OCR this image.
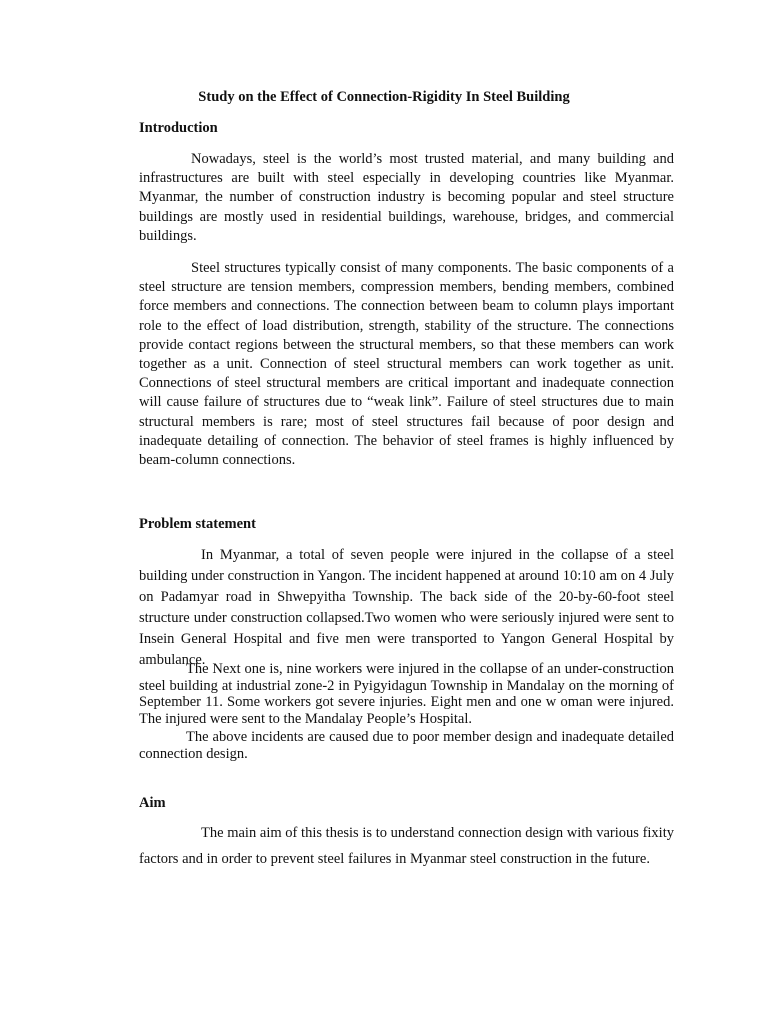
Study on the Effect of Connection-Rigidity In Steel Building
Introduction

Nowadays, steel is the world’s most trusted material, and many building and infrastructures are built with steel especially in developing countries like Myanmar. Myanmar, the number of construction industry is becoming popular and steel structure buildings are mostly used in residential buildings, warehouse, bridges, and commercial buildings.

Steel structures typically consist of many components. The basic components of a steel structure are tension members, compression members, bending members, combined force members and connections. The connection between beam to column plays important role to the effect of load distribution, strength, stability of the structure. The connections provide contact regions between the structural members, so that these members can work together as a unit. Connection of steel structural members can work together as unit. Connections of steel structural members are critical important and inadequate connection will cause failure of structures due to “weak link”. Failure of steel structures due to main structural members is rare; most of steel structures fail because of poor design and inadequate detailing of connection. The behavior of steel frames is highly influenced by beam-column connections.

Problem statement

In Myanmar, a total of seven people were injured in the collapse of a steel building under construction in Yangon. The incident happened at around 10:10 am on 4 July on Padamyar road in Shwepyitha Township. The back side of the 20-by-60-foot steel structure under construction collapsed.Two women who were seriously injured were sent to Insein General Hospital and five men were transported to Yangon General Hospital by ambulance.

The Next one is, nine workers were injured in the collapse of an under-construction steel building at industrial zone-2 in Pyigyidagun Township in Mandalay on the morning of September 11. Some workers got severe injuries. Eight men and one w oman were injured. The injured were sent to the Mandalay People’s Hospital.

The above incidents are caused due to poor member design and inadequate detailed connection design.

Aim

The main aim of this thesis is to understand connection design with various fixity factors and in order to prevent steel failures in Myanmar steel construction in the future.
